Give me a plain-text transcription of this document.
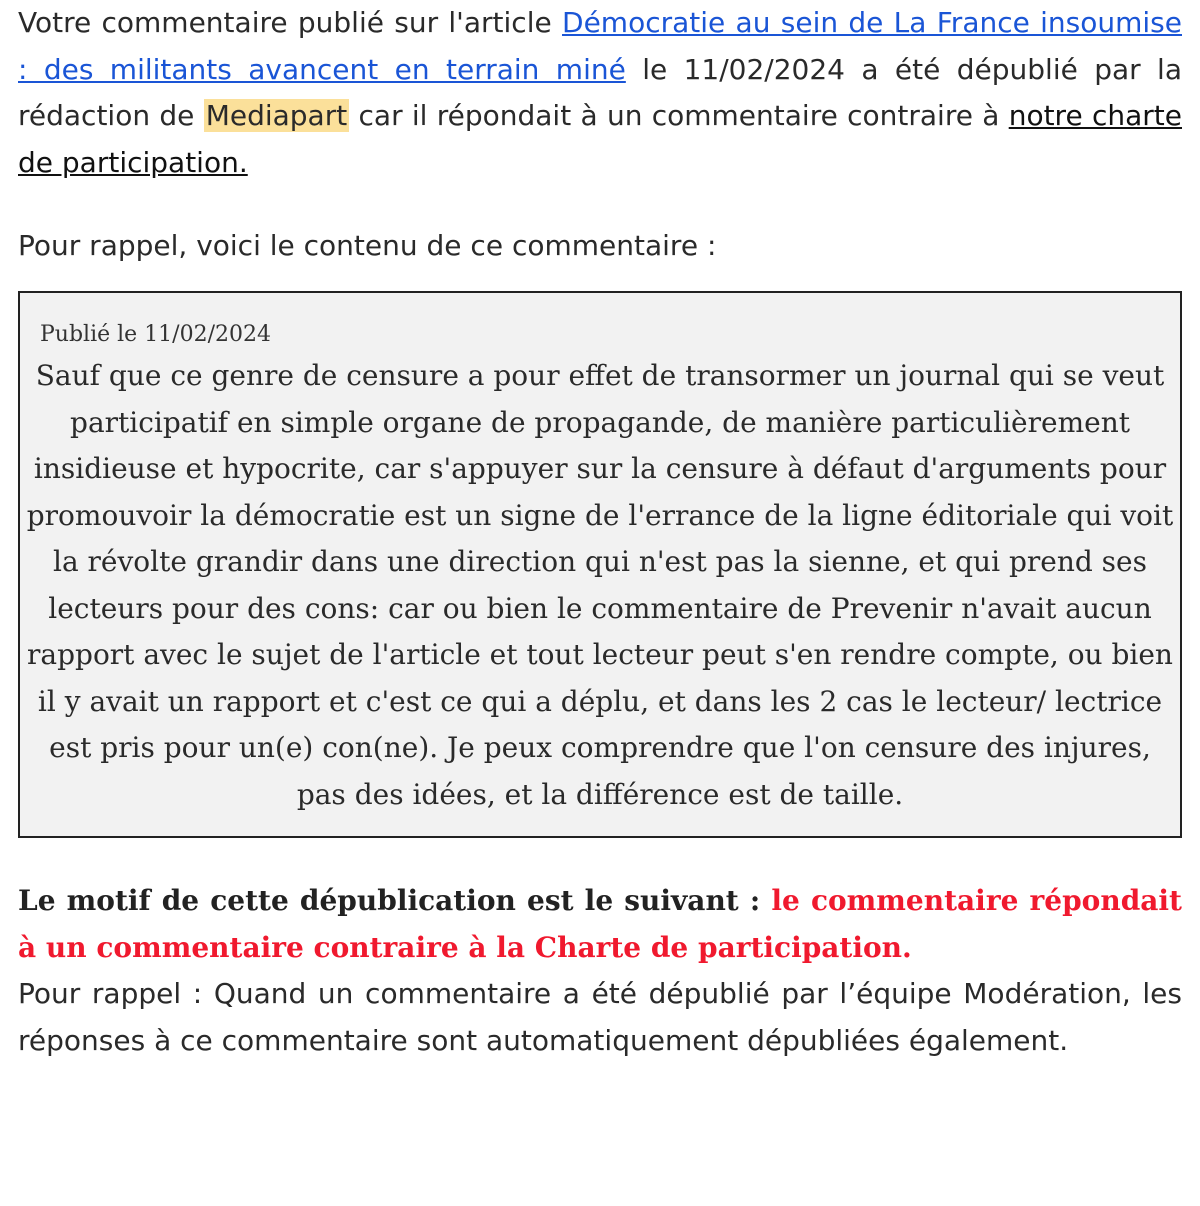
Votre commentaire publié sur l'article Démocratie au sein de La France insoumise : des militants avancent en terrain miné le 11/02/2024 a été dépublié par la rédaction de Mediapart car il répondait à un commentaire contraire à notre charte de participation.

Pour rappel, voici le contenu de ce commentaire :

Publié le 11/02/2024

Sauf que ce genre de censure a pour effet de transormer un journal qui se veut participatif en simple organe de propagande, de manière particulièrement insidieuse et hypocrite, car s'appuyer sur la censure à défaut d'arguments pour promouvoir la démocratie est un signe de l'errance de la ligne éditoriale qui voit la révolte grandir dans une direction qui n'est pas la sienne, et qui prend ses lecteurs pour des cons: car ou bien le commentaire de Prevenir n'avait aucun rapport avec le sujet de l'article et tout lecteur peut s'en rendre compte, ou bien il y avait un rapport et c'est ce qui a déplu, et dans les 2 cas le lecteur/ lectrice est pris pour un(e) con(ne). Je peux comprendre que l'on censure des injures, pas des idées, et la différence est de taille.

Le motif de cette dépublication est le suivant : le commentaire répondait à un commentaire contraire à la Charte de participation.

Pour rappel : Quand un commentaire a été dépublié par l’équipe Modération, les réponses à ce commentaire sont automatiquement dépubliées également.
